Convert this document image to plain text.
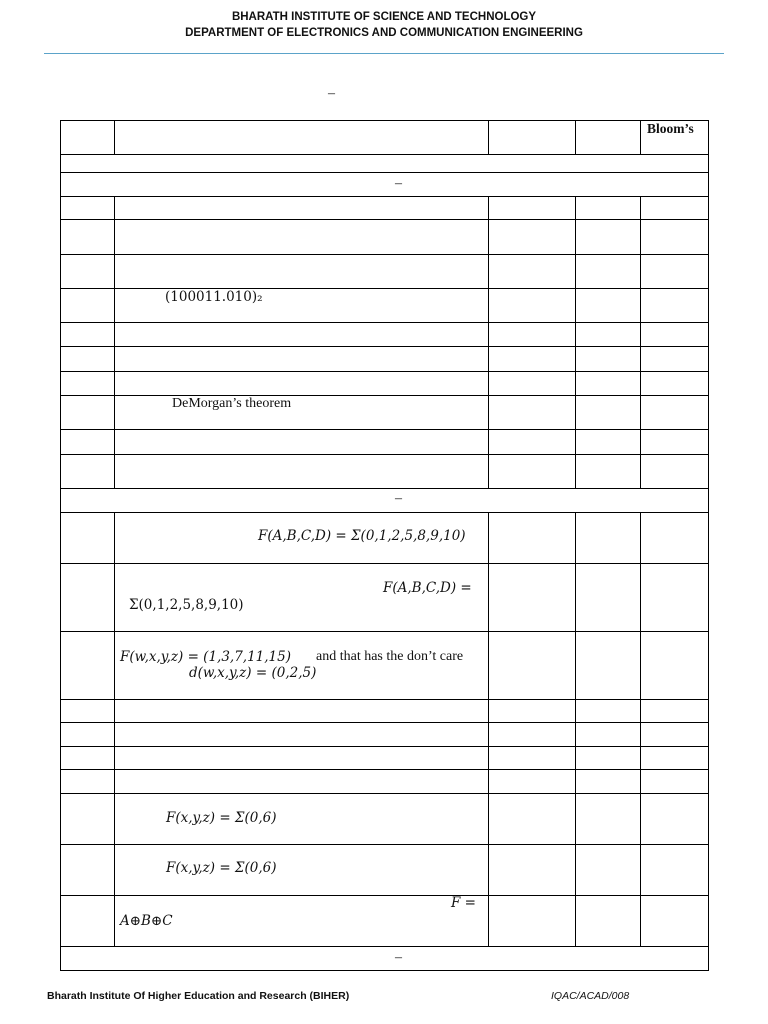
BHARATH INSTITUTE OF SCIENCE AND TECHNOLOGY
DEPARTMENT OF ELECTRONICS AND COMMUNICATION ENGINEERING
–
Bloom’s
–
(100011.010)₂
DeMorgan’s theorem
–
F(A,B,C,D) = Σ(0,1,2,5,8,9,10)
F(A,B,C,D) =
Σ(0,1,2,5,8,9,10)
F(w,x,y,z) = (1,3,7,11,15) and that has the don’t care
d(w,x,y,z) = (0,2,5)
F(x,y,z) = Σ(0,6)
F(x,y,z) = Σ(0,6)
F =
A⊕B⊕C
–
Bharath Institute Of Higher Education and Research (BIHER)	IQAC/ACAD/008
